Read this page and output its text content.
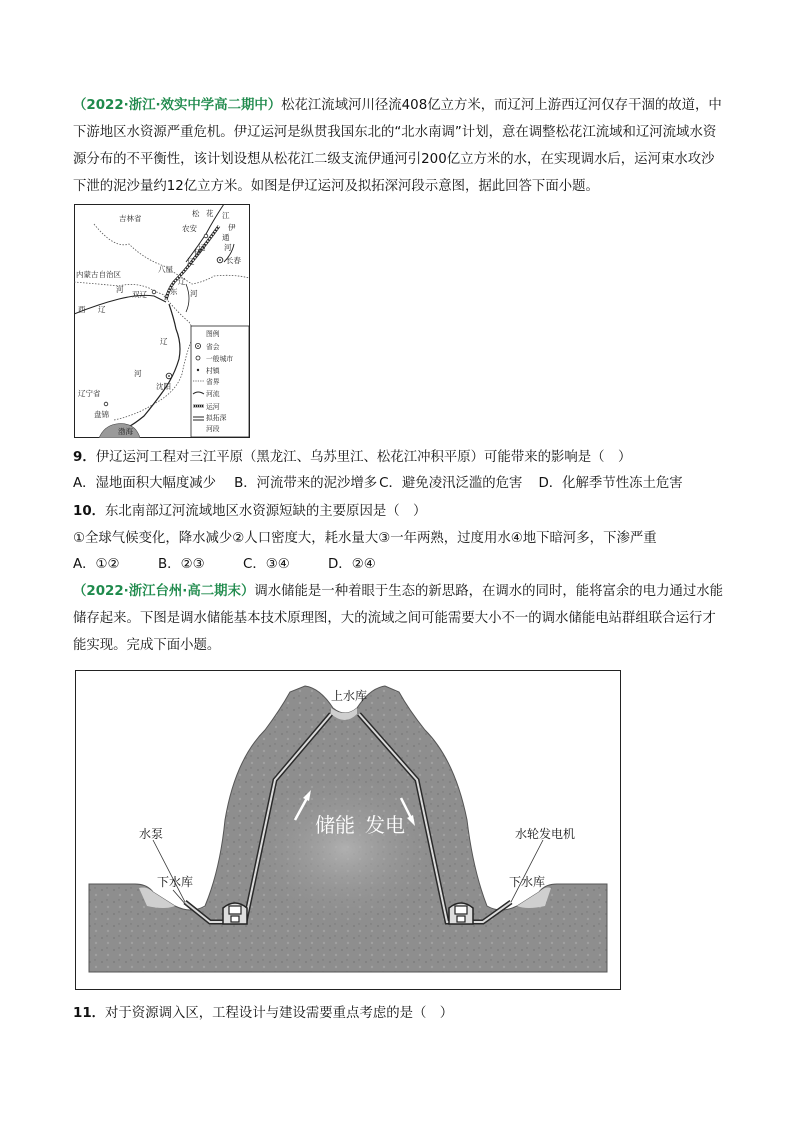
（2022·浙江·效实中学高二期中）松花江流域河川径流408亿立方米，而辽河上游西辽河仅存干涸的故道，中下游地区水资源严重危机。伊辽运河是纵贯我国东北的“北水南调”计划，意在调整松花江流域和辽河流域水资源分布的不平衡性，该计划设想从松花江二级支流伊通河引200亿立方米的水，在实现调水后，运河束水攻沙下泄的泥沙量约12亿立方米。如图是伊辽运河及拟拓深河段示意图，据此回答下面小题。
吉林省
松 花 江
伊
通
河
农安
长春
内蒙古自治区
八屋
河
双辽	东
辽
河
伊
辽
运
西 辽
辽
河
沈阳
辽宁省
盘锦
渤海
图例
省会
一般城市
村镇
省界
河流
运河
拟拓深
河段
9．伊辽运河工程对三江平原（黑龙江、乌苏里江、松花江冲积平原）可能带来的影响是（　）
A．湿地面积大幅度减少 B．河流带来的泥沙增多 C．避免凌汛泛滥的危害 D．化解季节性冻土危害
10．东北南部辽河流域地区水资源短缺的主要原因是（　）
①全球气候变化，降水减少②人口密度大，耗水量大③一年两熟，过度用水④地下暗河多，下渗严重
A．①②	B．②③	C．③④	D．②④
（2022·浙江台州·高二期末）调水储能是一种着眼于生态的新思路，在调水的同时，能将富余的电力通过水能储存起来。下图是调水储能基本技术原理图，大的流域之间可能需要大小不一的调水储能电站群组联合运行才能实现。完成下面小题。
上水库
储能 发电
水泵
下水库
水轮发电机
下水库
11．对于资源调入区，工程设计与建设需要重点考虑的是（　）
